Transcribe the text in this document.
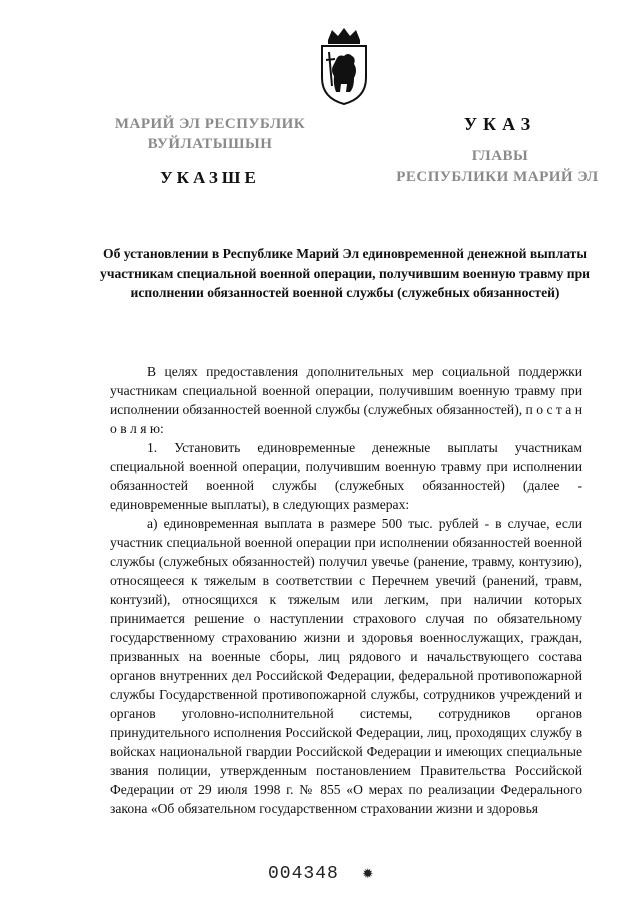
МАРИЙ ЭЛ РЕСПУБЛИК
ВУЙЛАТЫШЫН
УКАЗШЕ
УКАЗ
ГЛАВЫ
РЕСПУБЛИКИ МАРИЙ ЭЛ
Об установлении в Республике Марий Эл единовременной денежной выплаты участникам специальной военной операции, получившим военную травму при исполнении обязанностей военной службы (служебных обязанностей)

В целях предоставления дополнительных мер социальной поддержки участникам специальной военной операции, получившим военную травму при исполнении обязанностей военной службы (служебных обязанностей), п о с т а н о в л я ю:

1. Установить единовременные денежные выплаты участникам специальной военной операции, получившим военную травму при исполнении обязанностей военной службы (служебных обязанностей) (далее - единовременные выплаты), в следующих размерах:

а) единовременная выплата в размере 500 тыс. рублей - в случае, если участник специальной военной операции при исполнении обязанностей военной службы (служебных обязанностей) получил увечье (ранение, травму, контузию), относящееся к тяжелым в соответствии с Перечнем увечий (ранений, травм, контузий), относящихся к тяжелым или легким, при наличии которых принимается решение о наступлении страхового случая по обязательному государственному страхованию жизни и здоровья военнослужащих, граждан, призванных на военные сборы, лиц рядового и начальствующего состава органов внутренних дел Российской Федерации, федеральной противопожарной службы Государственной противопожарной службы, сотрудников учреждений и органов уголовно-исполнительной системы, сотрудников органов принудительного исполнения Российской Федерации, лиц, проходящих службу в войсках национальной гвардии Российской Федерации и имеющих специальные звания полиции, утвержденным постановлением Правительства Российской Федерации от 29 июля 1998 г. № 855 «О мерах по реализации Федерального закона «Об обязательном государственном страховании жизни и здоровья

004348  ✹
